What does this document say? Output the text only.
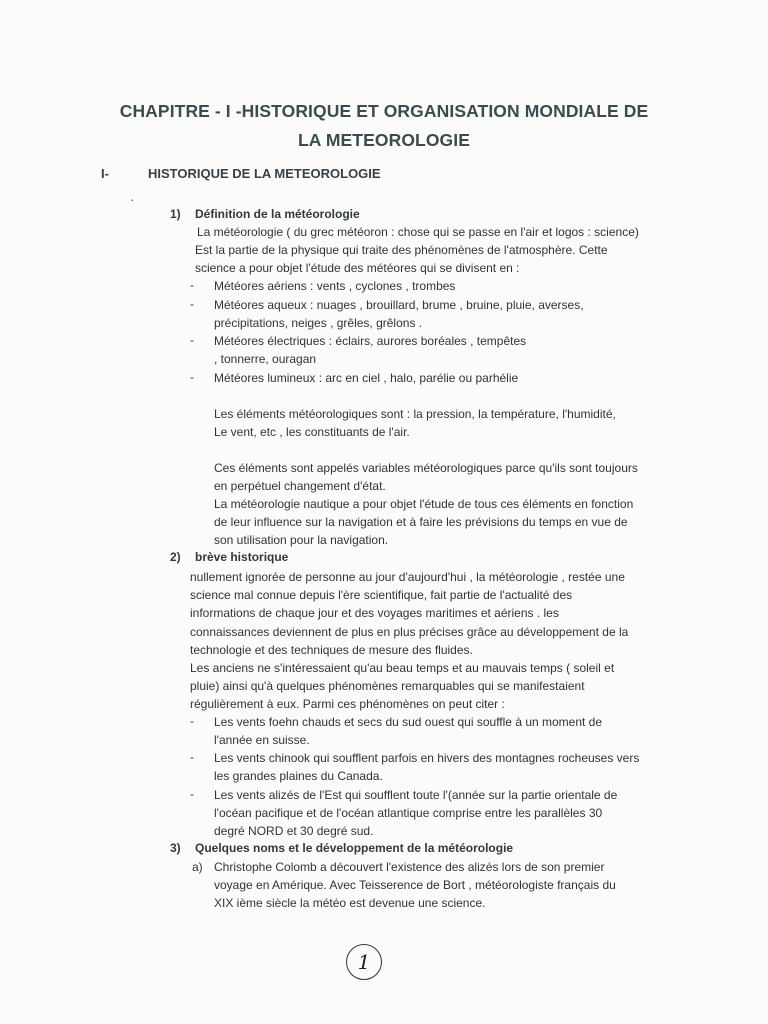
CHAPITRE - I -HISTORIQUE ET ORGANISATION MONDIALE DE
LA METEOROLOGIE
I-	HISTORIQUE DE LA METEOROLOGIE
·
1) Définition de la météorologie
La météorologie ( du grec météoron : chose qui se passe en l'air et logos : science)
Est la partie de la physique qui traite des phénomènes de l'atmosphère. Cette
science a pour objet l'étude des météores qui se divisent en :
- Météores aériens : vents , cyclones , trombes
- Météores aqueux : nuages , brouillard, brume , bruine, pluie, averses,
précipitations, neiges , grêles, grêlons .
- Météores électriques : éclairs, aurores boréales , tempêtes
, tonnerre, ouragan
- Météores lumineux : arc en ciel , halo, parélie ou parhélie
Les éléments météorologiques sont : la pression, la température, l'humidité,
Le vent, etc , les constituants de l'air.
Ces éléments sont appelés variables météorologiques parce qu'ils sont toujours
en perpétuel changement d'état.
La météorologie nautique a pour objet l'étude de tous ces éléments en fonction
de leur influence sur la navigation et à faire les prévisions du temps en vue de
son utilisation pour la navigation.
2) brève historique
nullement ignorée de personne au jour d'aujourd'hui , la météorologie , restée une
science mal connue depuis l'ère scientifique, fait partie de l'actualité des
informations de chaque jour et des voyages maritimes et aériens . les
connaissances deviennent de plus en plus précises grâce au développement de la
technologie et des techniques de mesure des fluides.
Les anciens ne s'intéressaient qu'au beau temps et au mauvais temps ( soleil et
pluie) ainsi qu'à quelques phénomènes remarquables qui se manifestaient
régulièrement à eux. Parmi ces phénomènes on peut citer :
- Les vents foehn chauds et secs du sud ouest qui souffle à un moment de
l'année en suisse.
- Les vents chinook qui soufflent parfois en hivers des montagnes rocheuses vers
les grandes plaines du Canada.
- Les vents alizés de l'Est qui soufflent toute l'(année sur la partie orientale de
l'océan pacifique et de l'océan atlantique comprise entre les parallèles 30
degré NORD et 30 degré sud.
3) Quelques noms et le développement de la météorologie
a) Christophe Colomb a découvert l'existence des alizés lors de son premier
voyage en Amérique. Avec Teisserence de Bort , météorologiste français du
XIX ième siècle la météo est devenue une science.
1
